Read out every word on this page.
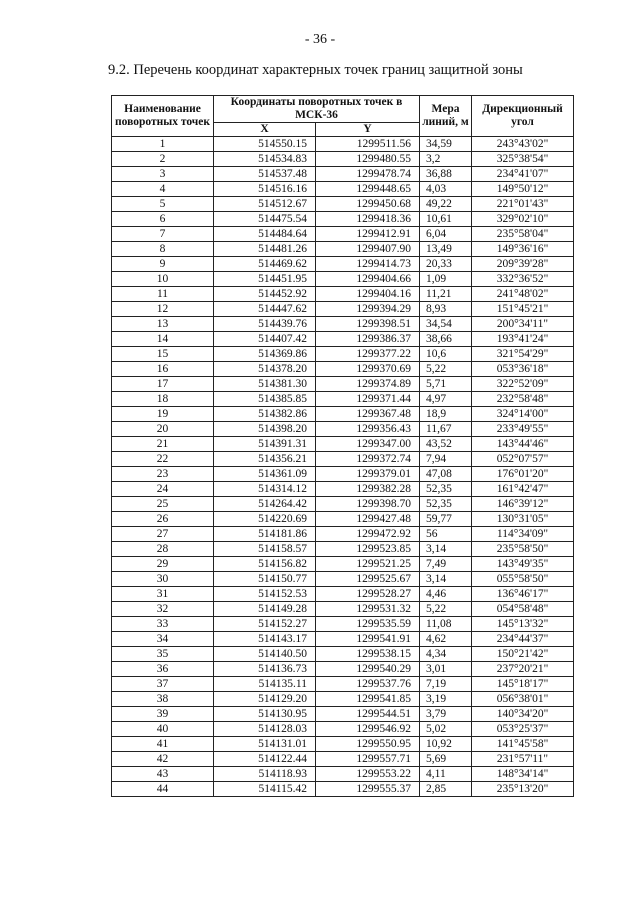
- 36 -
9.2. Перечень координат характерных точек границ защитной зоны
Наименование поворотных точек	Координаты поворотных точек в МСК-36		Мера линий, м	Дирекционный угол
	X	Y		
1	514550.15	1299511.56	34,59	243°43'02"
2	514534.83	1299480.55	3,2	325°38'54"
3	514537.48	1299478.74	36,88	234°41'07"
4	514516.16	1299448.65	4,03	149°50'12"
5	514512.67	1299450.68	49,22	221°01'43"
6	514475.54	1299418.36	10,61	329°02'10"
7	514484.64	1299412.91	6,04	235°58'04"
8	514481.26	1299407.90	13,49	149°36'16"
9	514469.62	1299414.73	20,33	209°39'28"
10	514451.95	1299404.66	1,09	332°36'52"
11	514452.92	1299404.16	11,21	241°48'02"
12	514447.62	1299394.29	8,93	151°45'21"
13	514439.76	1299398.51	34,54	200°34'11"
14	514407.42	1299386.37	38,66	193°41'24"
15	514369.86	1299377.22	10,6	321°54'29"
16	514378.20	1299370.69	5,22	053°36'18"
17	514381.30	1299374.89	5,71	322°52'09"
18	514385.85	1299371.44	4,97	232°58'48"
19	514382.86	1299367.48	18,9	324°14'00"
20	514398.20	1299356.43	11,67	233°49'55"
21	514391.31	1299347.00	43,52	143°44'46"
22	514356.21	1299372.74	7,94	052°07'57"
23	514361.09	1299379.01	47,08	176°01'20"
24	514314.12	1299382.28	52,35	161°42'47"
25	514264.42	1299398.70	52,35	146°39'12"
26	514220.69	1299427.48	59,77	130°31'05"
27	514181.86	1299472.92	56	114°34'09"
28	514158.57	1299523.85	3,14	235°58'50"
29	514156.82	1299521.25	7,49	143°49'35"
30	514150.77	1299525.67	3,14	055°58'50"
31	514152.53	1299528.27	4,46	136°46'17"
32	514149.28	1299531.32	5,22	054°58'48"
33	514152.27	1299535.59	11,08	145°13'32"
34	514143.17	1299541.91	4,62	234°44'37"
35	514140.50	1299538.15	4,34	150°21'42"
36	514136.73	1299540.29	3,01	237°20'21"
37	514135.11	1299537.76	7,19	145°18'17"
38	514129.20	1299541.85	3,19	056°38'01"
39	514130.95	1299544.51	3,79	140°34'20"
40	514128.03	1299546.92	5,02	053°25'37"
41	514131.01	1299550.95	10,92	141°45'58"
42	514122.44	1299557.71	5,69	231°57'11"
43	514118.93	1299553.22	4,11	148°34'14"
44	514115.42	1299555.37	2,85	235°13'20"
